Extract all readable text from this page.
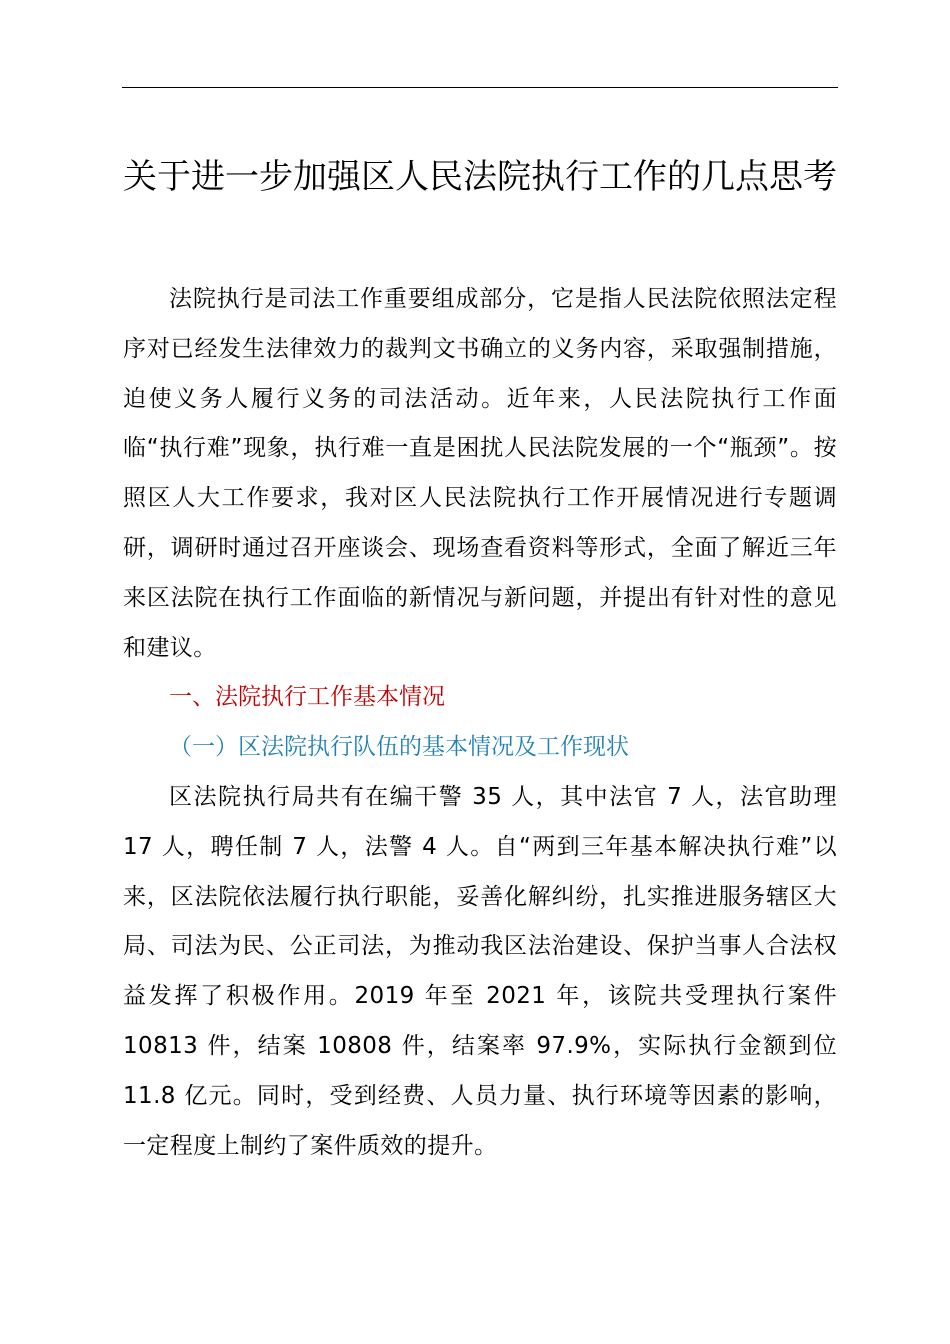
关于进一步加强区人民法院执行工作的几点思考

法院执行是司法工作重要组成部分，它是指人民法院依照法定程序对已经发生法律效力的裁判文书确立的义务内容，采取强制措施，迫使义务人履行义务的司法活动。近年来，人民法院执行工作面临“执行难”现象，执行难一直是困扰人民法院发展的一个“瓶颈”。按照区人大工作要求，我对区人民法院执行工作开展情况进行专题调研，调研时通过召开座谈会、现场查看资料等形式，全面了解近三年来区法院在执行工作面临的新情况与新问题，并提出有针对性的意见和建议。

一、法院执行工作基本情况

（一）区法院执行队伍的基本情况及工作现状

区法院执行局共有在编干警 35 人，其中法官 7 人，法官助理 17 人，聘任制 7 人，法警 4 人。自“两到三年基本解决执行难”以来，区法院依法履行执行职能，妥善化解纠纷，扎实推进服务辖区大局、司法为民、公正司法，为推动我区法治建设、保护当事人合法权益发挥了积极作用。2019 年至 2021 年，该院共受理执行案件 10813 件，结案 10808 件，结案率 97.9%，实际执行金额到位 11.8 亿元。同时，受到经费、人员力量、执行环境等因素的影响，一定程度上制约了案件质效的提升。
